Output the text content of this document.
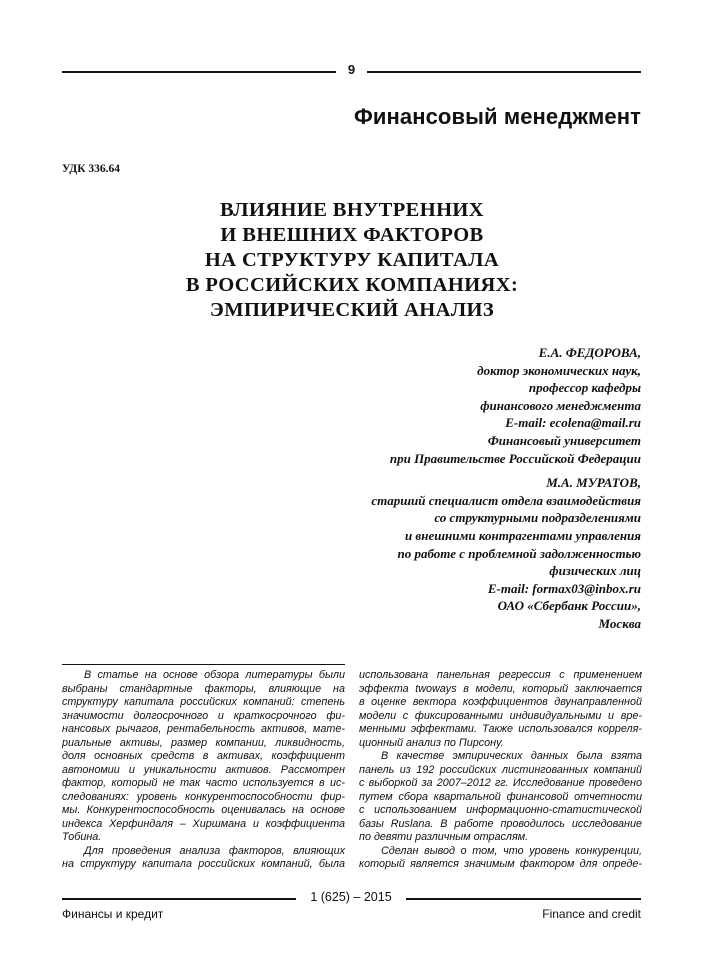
9
Финансовый менеджмент
УДК 336.64
ВЛИЯНИЕ ВНУТРЕННИХ
И ВНЕШНИХ ФАКТОРОВ
НА СТРУКТУРУ КАПИТАЛА
В РОССИЙСКИХ КОМПАНИЯХ:
ЭМПИРИЧЕСКИЙ АНАЛИЗ
Е.А. ФЕДОРОВА,
доктор экономических наук,
профессор кафедры
финансового менеджмента
E-mail: ecolena@mail.ru
Финансовый университет
при Правительстве Российской Федерации
М.А. МУРАТОВ,
старший специалист отдела взаимодействия
со структурными подразделениями
и внешними контрагентами управления
по работе с проблемной задолженностью
физических лиц
E-mail: formax03@inbox.ru
ОАО «Сбербанк России»,
Москва
В статье на основе обзора литературы были
выбраны стандартные факторы, влияющие на
структуру капитала российских компаний: степень
значимости долгосрочного и краткосрочного фи-
нансовых рычагов, рентабельность активов, мате-
риальные активы, размер компании, ликвидность,
доля основных средств в активах, коэффициент
автономии и уникальности активов. Рассмотрен
фактор, который не так часто используется в ис-
следованиях: уровень конкурентоспособности фир-
мы. Конкурентоспособность оценивалась на основе
индекса Херфиндаля – Хиршмана и коэффициента
Тобина.
Для проведения анализа факторов, влияющих
на структуру капитала российских компаний, была
использована панельная регрессия с применением
эффекта twoways в модели, который заключается
в оценке вектора коэффициентов двунаправленной
модели с фиксированными индивидуальными и вре-
менными эффектами. Также использовался корреля-
ционный анализ по Пирсону.
В качестве эмпирических данных была взята
панель из 192 российских листингованных компаний
с выборкой за 2007–2012 гг. Исследование проведено
путем сбора квартальной финансовой отчетности
с использованием информационно-статистической
базы Ruslana. В работе проводилось исследование
по девяти различным отраслям.
Сделан вывод о том, что уровень конкуренции,
который является значимым фактором для опреде-
1 (625) – 2015
Финансы и кредит	Finance and credit
